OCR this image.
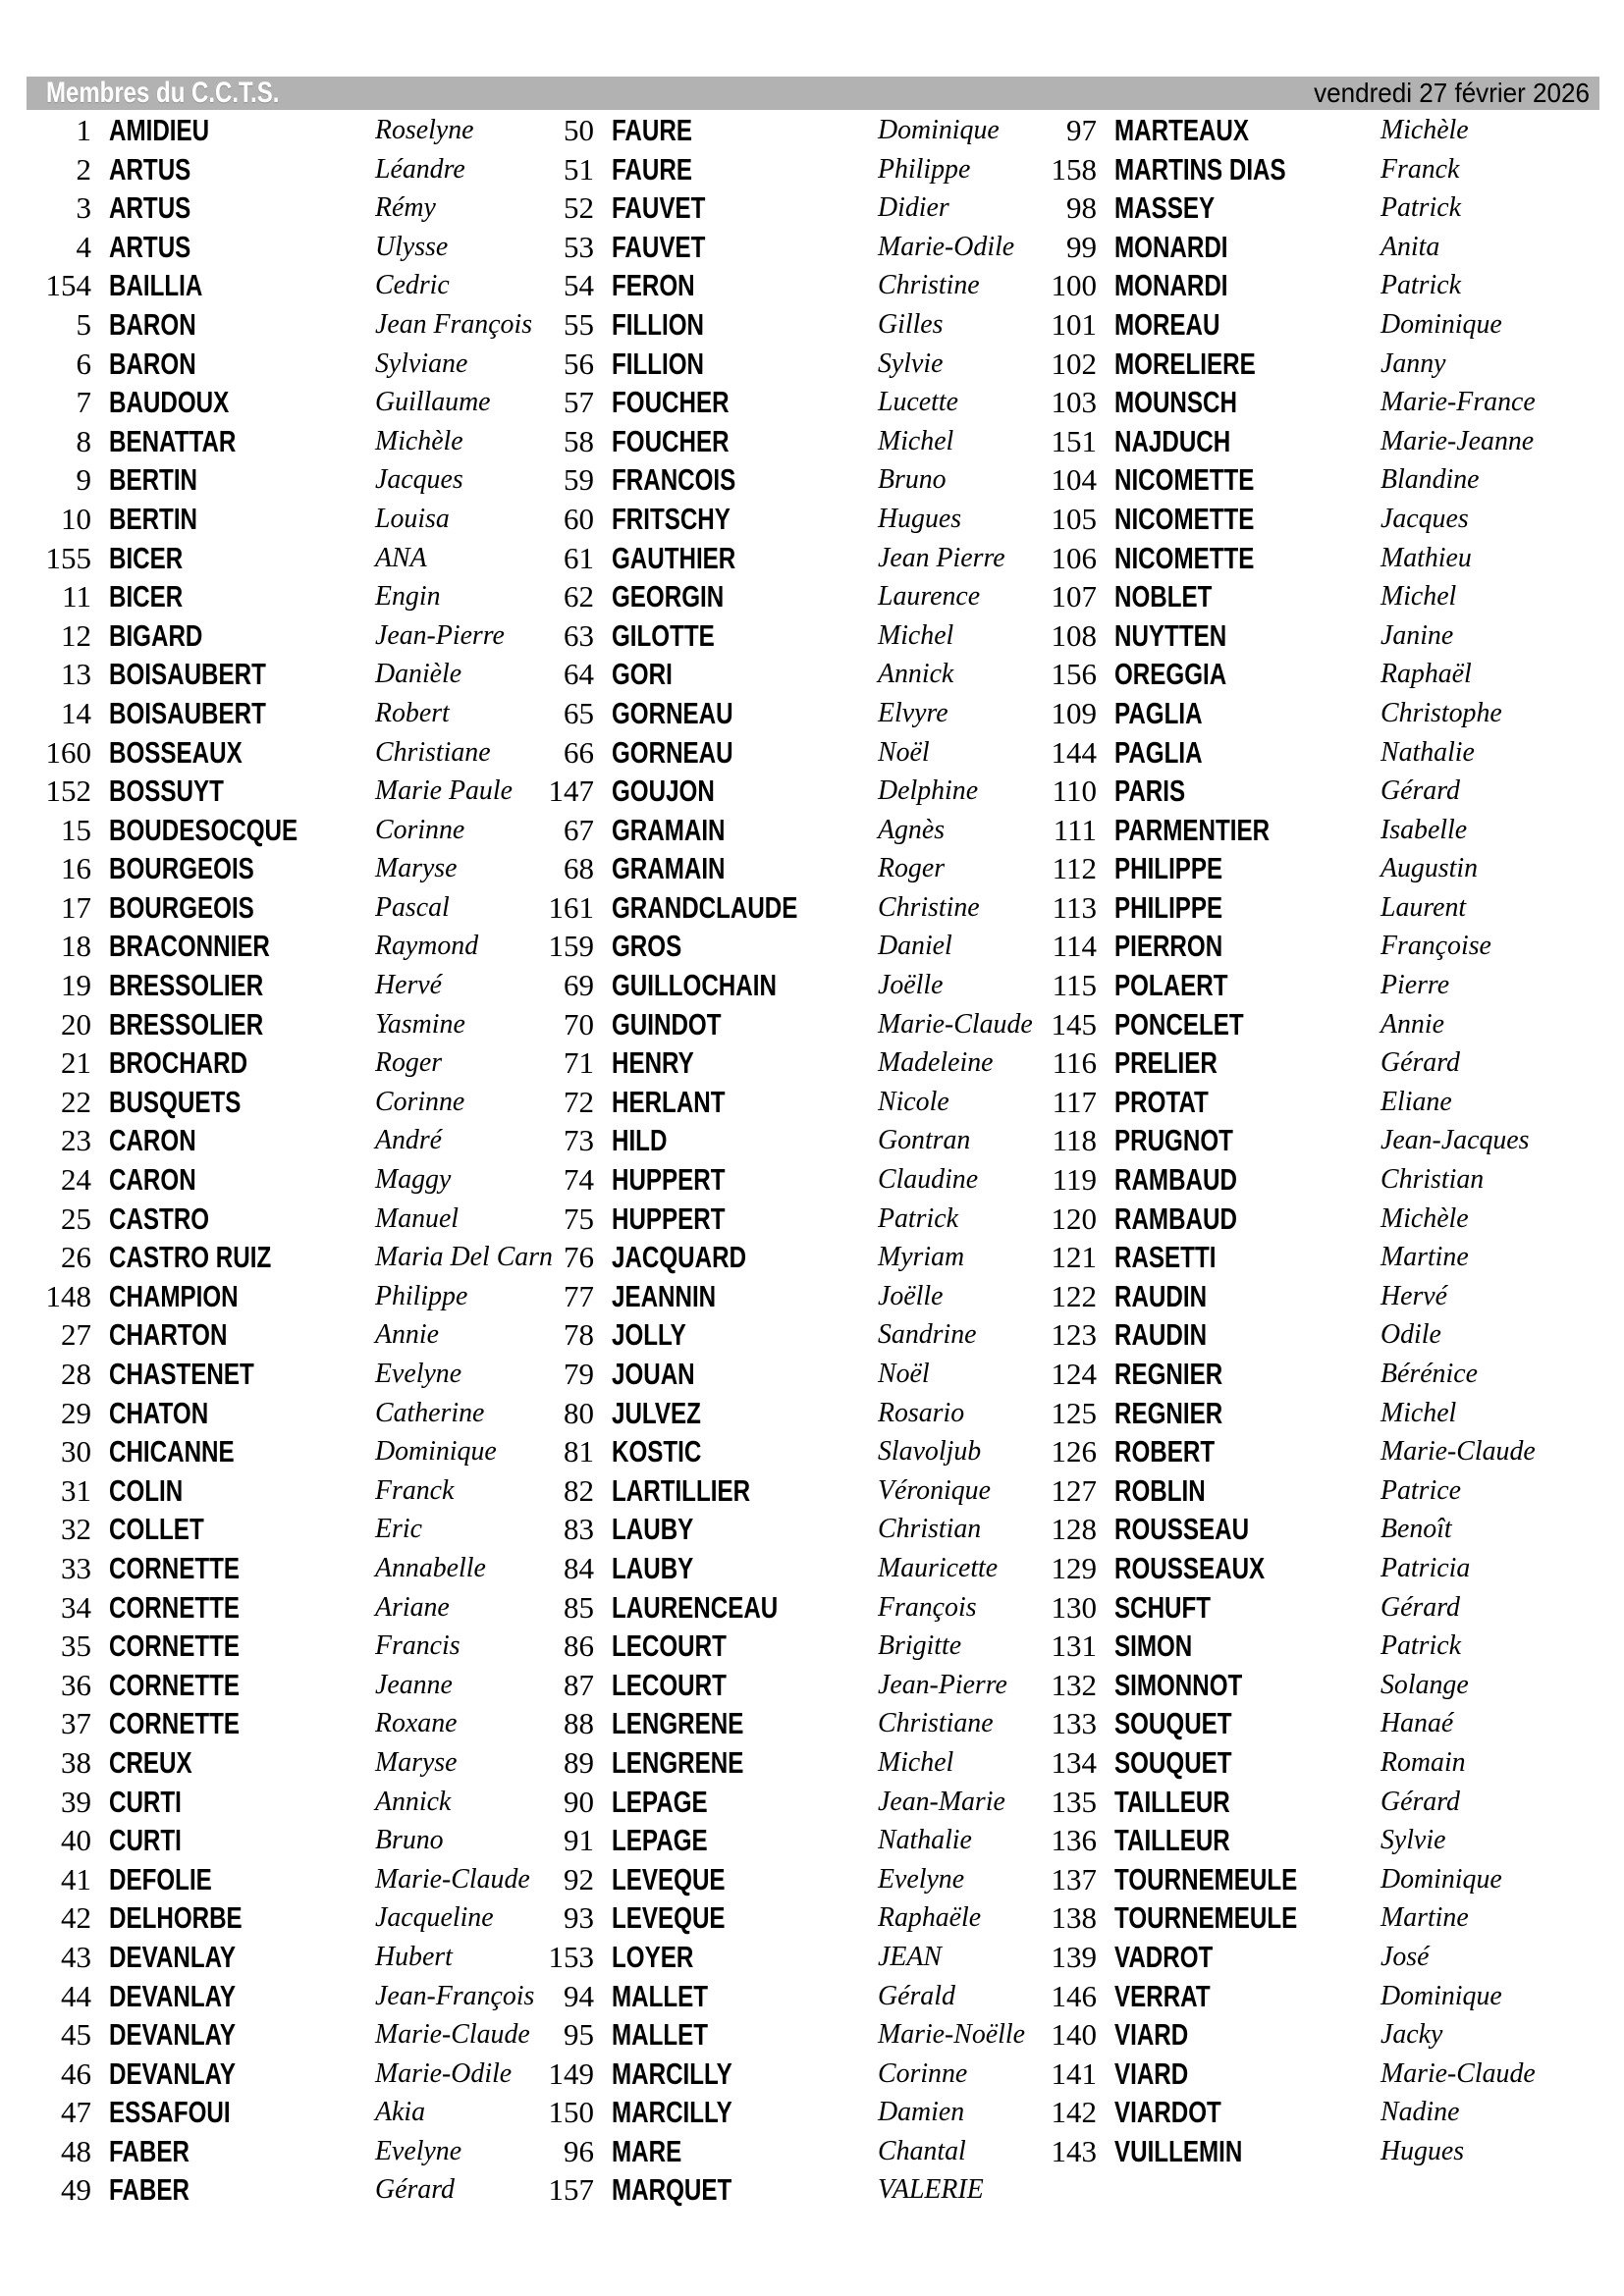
Membres du C.C.T.S.	vendredi 27 février 2026
1 AMIDIEU	Roselyne
2 ARTUS	Léandre
3 ARTUS	Rémy
4 ARTUS	Ulysse
154 BAILLIA	Cedric
5 BARON	Jean François
6 BARON	Sylviane
7 BAUDOUX	Guillaume
8 BENATTAR	Michèle
9 BERTIN	Jacques
10 BERTIN	Louisa
155 BICER	ANA
11 BICER	Engin
12 BIGARD	Jean-Pierre
13 BOISAUBERT	Danièle
14 BOISAUBERT	Robert
160 BOSSEAUX	Christiane
152 BOSSUYT	Marie Paule
15 BOUDESOCQUE	Corinne
16 BOURGEOIS	Maryse
17 BOURGEOIS	Pascal
18 BRACONNIER	Raymond
19 BRESSOLIER	Hervé
20 BRESSOLIER	Yasmine
21 BROCHARD	Roger
22 BUSQUETS	Corinne
23 CARON	André
24 CARON	Maggy
25 CASTRO	Manuel
26 CASTRO RUIZ	Maria Del Carn
148 CHAMPION	Philippe
27 CHARTON	Annie
28 CHASTENET	Evelyne
29 CHATON	Catherine
30 CHICANNE	Dominique
31 COLIN	Franck
32 COLLET	Eric
33 CORNETTE	Annabelle
34 CORNETTE	Ariane
35 CORNETTE	Francis
36 CORNETTE	Jeanne
37 CORNETTE	Roxane
38 CREUX	Maryse
39 CURTI	Annick
40 CURTI	Bruno
41 DEFOLIE	Marie-Claude
42 DELHORBE	Jacqueline
43 DEVANLAY	Hubert
44 DEVANLAY	Jean-François
45 DEVANLAY	Marie-Claude
46 DEVANLAY	Marie-Odile
47 ESSAFOUI	Akia
48 FABER	Evelyne
49 FABER	Gérard
50 FAURE	Dominique
51 FAURE	Philippe
52 FAUVET	Didier
53 FAUVET	Marie-Odile
54 FERON	Christine
55 FILLION	Gilles
56 FILLION	Sylvie
57 FOUCHER	Lucette
58 FOUCHER	Michel
59 FRANCOIS	Bruno
60 FRITSCHY	Hugues
61 GAUTHIER	Jean Pierre
62 GEORGIN	Laurence
63 GILOTTE	Michel
64 GORI	Annick
65 GORNEAU	Elvyre
66 GORNEAU	Noël
147 GOUJON	Delphine
67 GRAMAIN	Agnès
68 GRAMAIN	Roger
161 GRANDCLAUDE	Christine
159 GROS	Daniel
69 GUILLOCHAIN	Joëlle
70 GUINDOT	Marie-Claude
71 HENRY	Madeleine
72 HERLANT	Nicole
73 HILD	Gontran
74 HUPPERT	Claudine
75 HUPPERT	Patrick
76 JACQUARD	Myriam
77 JEANNIN	Joëlle
78 JOLLY	Sandrine
79 JOUAN	Noël
80 JULVEZ	Rosario
81 KOSTIC	Slavoljub
82 LARTILLIER	Véronique
83 LAUBY	Christian
84 LAUBY	Mauricette
85 LAURENCEAU	François
86 LECOURT	Brigitte
87 LECOURT	Jean-Pierre
88 LENGRENE	Christiane
89 LENGRENE	Michel
90 LEPAGE	Jean-Marie
91 LEPAGE	Nathalie
92 LEVEQUE	Evelyne
93 LEVEQUE	Raphaële
153 LOYER	JEAN
94 MALLET	Gérald
95 MALLET	Marie-Noëlle
149 MARCILLY	Corinne
150 MARCILLY	Damien
96 MARE	Chantal
157 MARQUET	VALERIE
97 MARTEAUX	Michèle
158 MARTINS DIAS	Franck
98 MASSEY	Patrick
99 MONARDI	Anita
100 MONARDI	Patrick
101 MOREAU	Dominique
102 MORELIERE	Janny
103 MOUNSCH	Marie-France
151 NAJDUCH	Marie-Jeanne
104 NICOMETTE	Blandine
105 NICOMETTE	Jacques
106 NICOMETTE	Mathieu
107 NOBLET	Michel
108 NUYTTEN	Janine
156 OREGGIA	Raphaël
109 PAGLIA	Christophe
144 PAGLIA	Nathalie
110 PARIS	Gérard
111 PARMENTIER	Isabelle
112 PHILIPPE	Augustin
113 PHILIPPE	Laurent
114 PIERRON	Françoise
115 POLAERT	Pierre
145 PONCELET	Annie
116 PRELIER	Gérard
117 PROTAT	Eliane
118 PRUGNOT	Jean-Jacques
119 RAMBAUD	Christian
120 RAMBAUD	Michèle
121 RASETTI	Martine
122 RAUDIN	Hervé
123 RAUDIN	Odile
124 REGNIER	Bérénice
125 REGNIER	Michel
126 ROBERT	Marie-Claude
127 ROBLIN	Patrice
128 ROUSSEAU	Benoît
129 ROUSSEAUX	Patricia
130 SCHUFT	Gérard
131 SIMON	Patrick
132 SIMONNOT	Solange
133 SOUQUET	Hanaé
134 SOUQUET	Romain
135 TAILLEUR	Gérard
136 TAILLEUR	Sylvie
137 TOURNEMEULE	Dominique
138 TOURNEMEULE	Martine
139 VADROT	José
146 VERRAT	Dominique
140 VIARD	Jacky
141 VIARD	Marie-Claude
142 VIARDOT	Nadine
143 VUILLEMIN	Hugues
